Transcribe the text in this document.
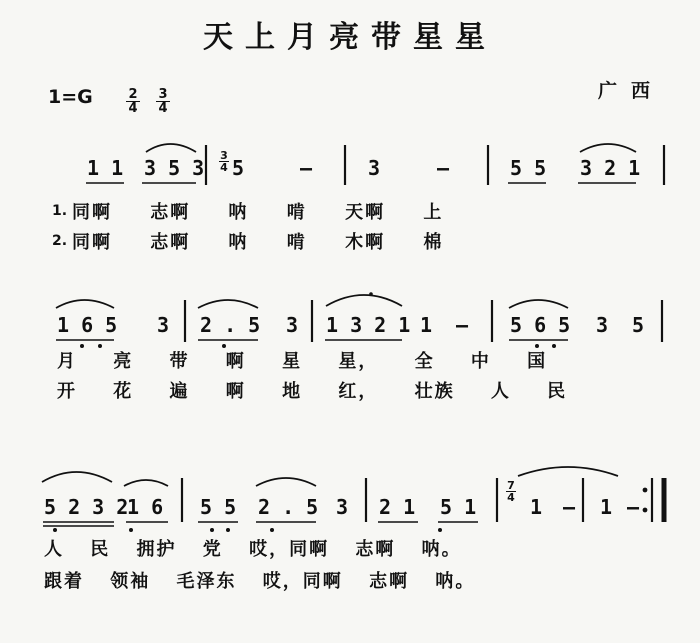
天上月亮带星星
广西
1=G	2
4
3
4
3
4
1 1 3 5 3 5	–	3	–	5 5 3 2 1
1. 同啊 志啊 呐 啃 天啊 上
2. 同啊 志啊 呐 啃 木啊 棉
1 6 5 3 2 . 5 3 1 3 2 1 1 – 5 6 5 3 5
月 亮 带 啊 星 星， 全 中 国
开 花 遍 啊 地 红， 壮族 人 民
5 2 3 2
1 6 5 5 2 . 5 3 2 1 5 1
7
4 1 – 1 –
人 民 拥护 党 哎，同啊 志啊 呐。
跟着 领袖 毛泽东 哎，同啊 志啊 呐。
